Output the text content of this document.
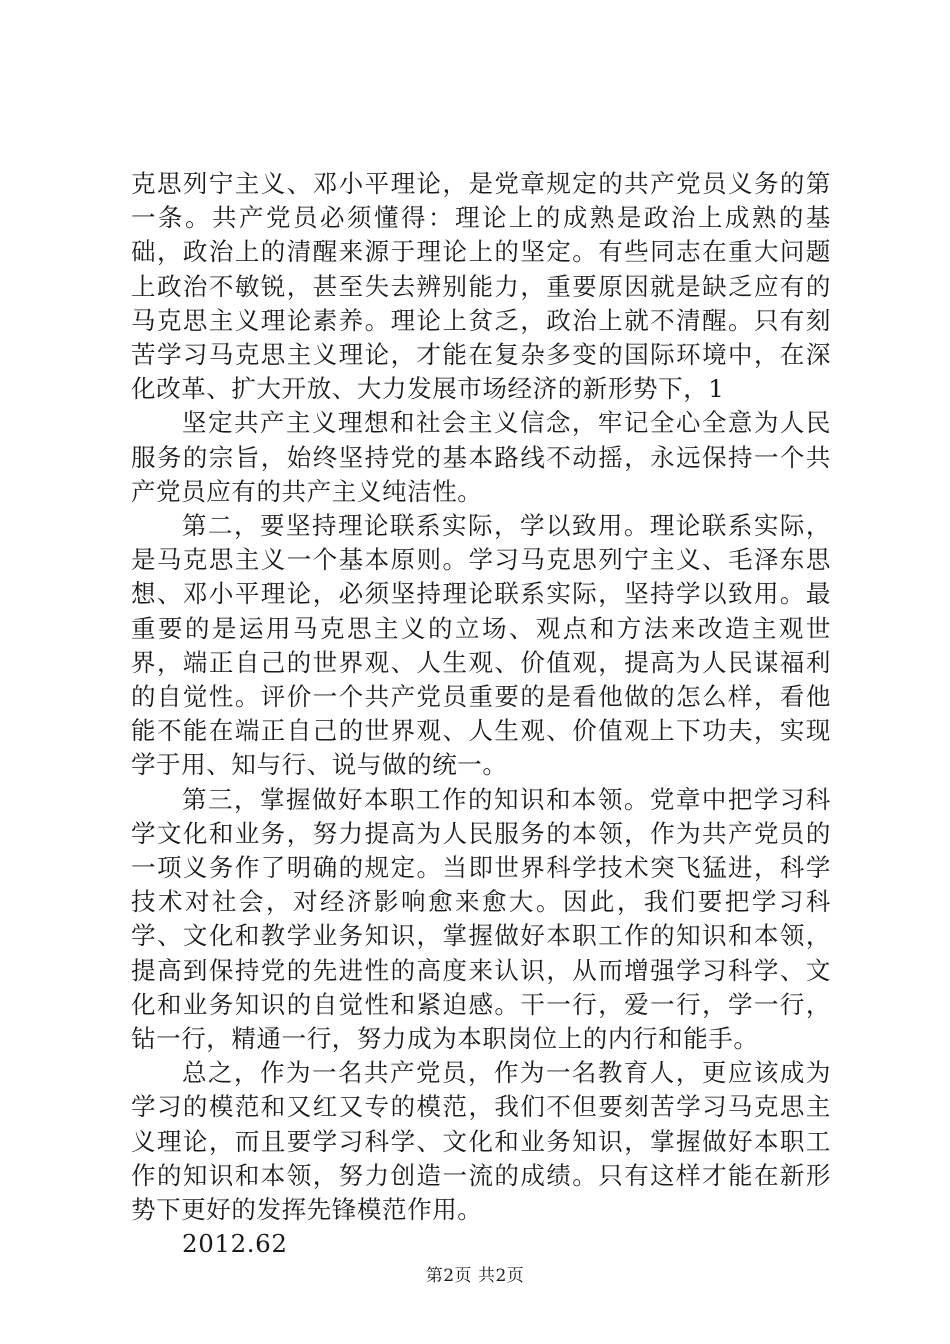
克思列宁主义、邓小平理论，是党章规定的共产党员义务的第一条。共产党员必须懂得：理论上的成熟是政治上成熟的基础，政治上的清醒来源于理论上的坚定。有些同志在重大问题上政治不敏锐，甚至失去辨别能力，重要原因就是缺乏应有的马克思主义理论素养。理论上贫乏，政治上就不清醒。只有刻苦学习马克思主义理论，才能在复杂多变的国际环境中，在深化改革、扩大开放、大力发展市场经济的新形势下，1

坚定共产主义理想和社会主义信念，牢记全心全意为人民服务的宗旨，始终坚持党的基本路线不动摇，永远保持一个共产党员应有的共产主义纯洁性。

第二，要坚持理论联系实际，学以致用。理论联系实际，是马克思主义一个基本原则。学习马克思列宁主义、毛泽东思想、邓小平理论，必须坚持理论联系实际，坚持学以致用。最重要的是运用马克思主义的立场、观点和方法来改造主观世界，端正自己的世界观、人生观、价值观，提高为人民谋福利的自觉性。评价一个共产党员重要的是看他做的怎么样，看他能不能在端正自己的世界观、人生观、价值观上下功夫，实现学于用、知与行、说与做的统一。

第三，掌握做好本职工作的知识和本领。党章中把学习科学文化和业务，努力提高为人民服务的本领，作为共产党员的一项义务作了明确的规定。当即世界科学技术突飞猛进，科学技术对社会，对经济影响愈来愈大。因此，我们要把学习科学、文化和教学业务知识，掌握做好本职工作的知识和本领，提高到保持党的先进性的高度来认识，从而增强学习科学、文化和业务知识的自觉性和紧迫感。干一行，爱一行，学一行，钻一行，精通一行，努力成为本职岗位上的内行和能手。

总之，作为一名共产党员，作为一名教育人，更应该成为学习的模范和又红又专的模范，我们不但要刻苦学习马克思主义理论，而且要学习科学、文化和业务知识，掌握做好本职工作的知识和本领，努力创造一流的成绩。只有这样才能在新形势下更好的发挥先锋模范作用。

2012.62

第2页 共2页
